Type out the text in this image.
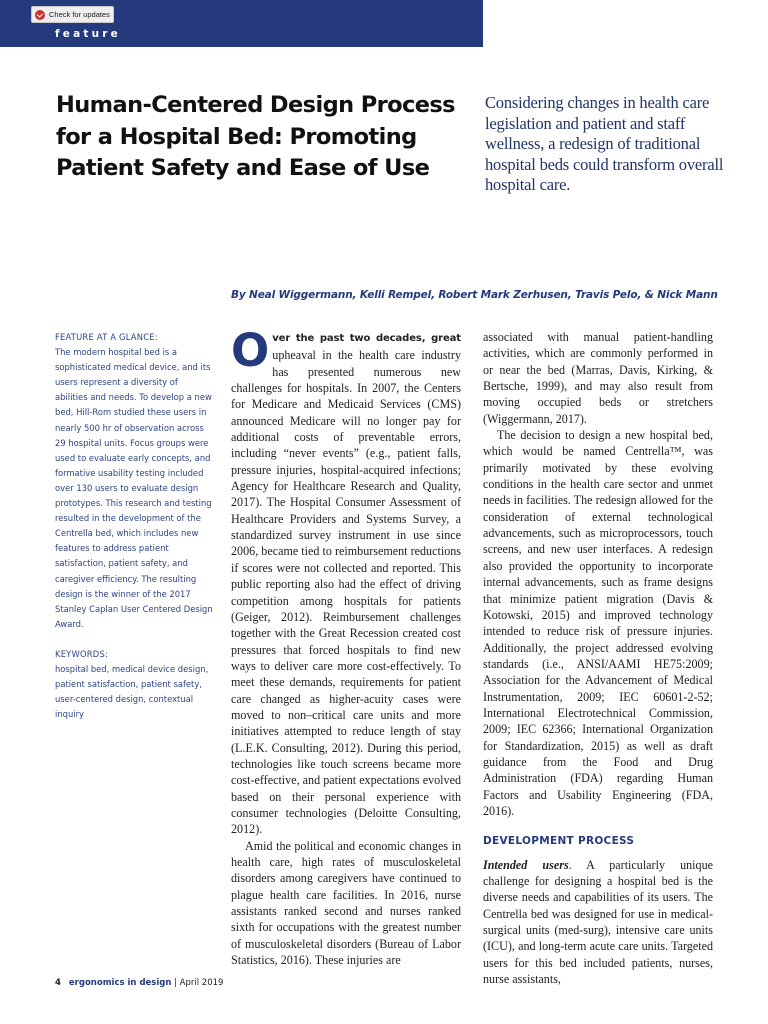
Check for updates
feature
Human-Centered Design Process for a Hospital Bed: Promoting Patient Safety and Ease of Use

Considering changes in health care legislation and patient and staff wellness, a redesign of traditional hospital beds could transform overall hospital care.

By Neal Wiggermann, Kelli Rempel, Robert Mark Zerhusen, Travis Pelo, & Nick Mann
FEATURE AT A GLANCE:
The modern hospital bed is a sophisticated medical device, and its users represent a diversity of abilities and needs. To develop a new bed, Hill-Rom studied these users in nearly 500 hr of observation across 29 hospital units. Focus groups were used to evaluate early concepts, and formative usability testing included over 130 users to evaluate design prototypes. This research and testing resulted in the development of the Centrella bed, which includes new features to address patient satisfaction, patient safety, and caregiver efficiency. The resulting design is the winner of the 2017 Stanley Caplan User Centered Design Award.
KEYWORDS:
hospital bed, medical device design, patient satisfaction, patient safety, user-centered design, contextual inquiry

Over the past two decades, great upheaval in the health care industry has presented numerous new challenges for hospitals. In 2007, the Centers for Medicare and Medicaid Services (CMS) announced Medicare will no longer pay for additional costs of preventable errors, including “never events” (e.g., patient falls, pressure injuries, hospital-acquired infections; Agency for Healthcare Research and Quality, 2017). The Hospital Consumer Assessment of Healthcare Providers and Systems Survey, a standardized survey instrument in use since 2006, became tied to reimbursement reductions if scores were not collected and reported. This public reporting also had the effect of driving competition among hospitals for patients (Geiger, 2012). Reimbursement challenges together with the Great Recession created cost pressures that forced hospitals to find new ways to deliver care more cost-effectively. To meet these demands, requirements for patient care changed as higher-acuity cases were moved to non–critical care units and more initiatives attempted to reduce length of stay (L.E.K. Consulting, 2012). During this period, technologies like touch screens became more cost-effective, and patient expectations evolved based on their personal experience with consumer technologies (Deloitte Consulting, 2012).

Amid the political and economic changes in health care, high rates of musculoskeletal disorders among caregivers have continued to plague health care facilities. In 2016, nurse assistants ranked second and nurses ranked sixth for occupations with the greatest number of musculoskeletal disorders (Bureau of Labor Statistics, 2016). These injuries are

associated with manual patient-handling activities, which are commonly performed in or near the bed (Marras, Davis, Kirking, & Bertsche, 1999), and may also result from moving occupied beds or stretchers (Wiggermann, 2017).

The decision to design a new hospital bed, which would be named Centrella™, was primarily motivated by these evolving conditions in the health care sector and unmet needs in facilities. The redesign allowed for the consideration of external technological advancements, such as microprocessors, touch screens, and new user interfaces. A redesign also provided the opportunity to incorporate internal advancements, such as frame designs that minimize patient migration (Davis & Kotowski, 2015) and improved technology intended to reduce risk of pressure injuries. Additionally, the project addressed evolving standards (i.e., ANSI/AAMI HE75:2009; Association for the Advancement of Medical Instrumentation, 2009; IEC 60601-2-52; International Electrotechnical Commission, 2009; IEC 62366; International Organization for Standardization, 2015) as well as draft guidance from the Food and Drug Administration (FDA) regarding Human Factors and Usability Engineering (FDA, 2016).

DEVELOPMENT PROCESS

Intended users. A particularly unique challenge for designing a hospital bed is the diverse needs and capabilities of its users. The Centrella bed was designed for use in medical-surgical units (med-surg), intensive care units (ICU), and long-term acute care units. Targeted users for this bed included patients, nurses, nurse assistants,

4 ergonomics in design | April 2019
